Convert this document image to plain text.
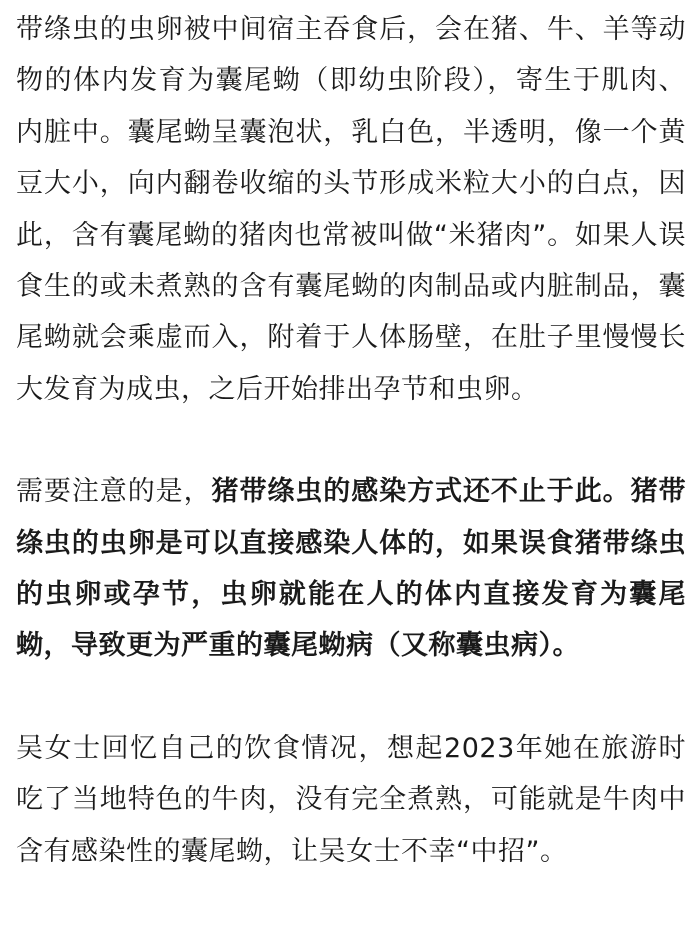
带绦虫的虫卵被中间宿主吞食后，会在猪、牛、羊等动物的体内发育为囊尾蚴（即幼虫阶段），寄生于肌肉、内脏中。囊尾蚴呈囊泡状，乳白色，半透明，像一个黄豆大小，向内翻卷收缩的头节形成米粒大小的白点，因此，含有囊尾蚴的猪肉也常被叫做“米猪肉”。如果人误食生的或未煮熟的含有囊尾蚴的肉制品或内脏制品，囊尾蚴就会乘虚而入，附着于人体肠壁，在肚子里慢慢长大发育为成虫，之后开始排出孕节和虫卵。

需要注意的是，猪带绦虫的感染方式还不止于此。猪带绦虫的虫卵是可以直接感染人体的，如果误食猪带绦虫的虫卵或孕节，虫卵就能在人的体内直接发育为囊尾蚴，导致更为严重的囊尾蚴病（又称囊虫病）。

吴女士回忆自己的饮食情况，想起2023年她在旅游时吃了当地特色的牛肉，没有完全煮熟，可能就是牛肉中含有感染性的囊尾蚴，让吴女士不幸“中招”。
